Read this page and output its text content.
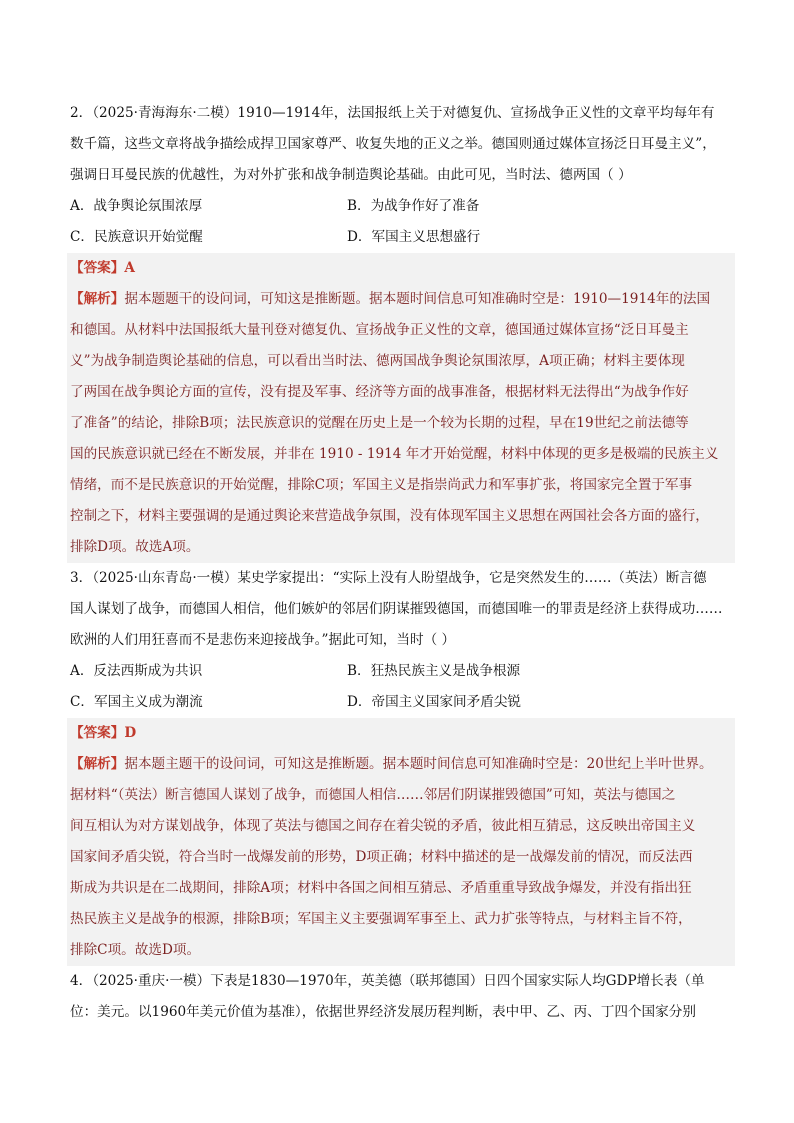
2．（2025·青海海东·二模）1910—1914年，法国报纸上关于对德复仇、宣扬战争正义性的文章平均每年有
数千篇，这些文章将战争描绘成捍卫国家尊严、收复失地的正义之举。德国则通过媒体宣扬泛日耳曼主义”，
强调日耳曼民族的优越性，为对外扩张和战争制造舆论基础。由此可见，当时法、德两国（ ）
A．战争舆论氛围浓厚	B．为战争作好了准备
C．民族意识开始觉醒	D．军国主义思想盛行
【答案】A
【解析】据本题题干的设问词，可知这是推断题。据本题时间信息可知准确时空是：1910—1914年的法国
和德国。从材料中法国报纸大量刊登对德复仇、宣扬战争正义性的文章，德国通过媒体宣扬“泛日耳曼主
义”为战争制造舆论基础的信息，可以看出当时法、德两国战争舆论氛围浓厚，A项正确；材料主要体现
了两国在战争舆论方面的宣传，没有提及军事、经济等方面的战事准备，根据材料无法得出“为战争作好
了准备”的结论，排除B项；法民族意识的觉醒在历史上是一个较为长期的过程，早在19世纪之前法德等
国的民族意识就已经在不断发展，并非在 1910 - 1914 年才开始觉醒，材料中体现的更多是极端的民族主义
情绪，而不是民族意识的开始觉醒，排除C项；军国主义是指崇尚武力和军事扩张，将国家完全置于军事
控制之下，材料主要强调的是通过舆论来营造战争氛围，没有体现军国主义思想在两国社会各方面的盛行，
排除D项。故选A项。
3．（2025·山东青岛·一模）某史学家提出：“实际上没有人盼望战争，它是突然发生的……（英法）断言德
国人谋划了战争，而德国人相信，他们嫉妒的邻居们阴谋摧毁德国，而德国唯一的罪责是经济上获得成功……
欧洲的人们用狂喜而不是悲伤来迎接战争。”据此可知，当时（ ）
A．反法西斯成为共识	B．狂热民族主义是战争根源
C．军国主义成为潮流	D．帝国主义国家间矛盾尖锐
【答案】D
【解析】据本题主题干的设问词，可知这是推断题。据本题时间信息可知准确时空是：20世纪上半叶世界。
据材料“（英法）断言德国人谋划了战争，而德国人相信……邻居们阴谋摧毁德国”可知，英法与德国之
间互相认为对方谋划战争，体现了英法与德国之间存在着尖锐的矛盾，彼此相互猜忌，这反映出帝国主义
国家间矛盾尖锐，符合当时一战爆发前的形势，D项正确；材料中描述的是一战爆发前的情况，而反法西
斯成为共识是在二战期间，排除A项；材料中各国之间相互猜忌、矛盾重重导致战争爆发，并没有指出狂
热民族主义是战争的根源，排除B项；军国主义主要强调军事至上、武力扩张等特点，与材料主旨不符，
排除C项。故选D项。
4．（2025·重庆·一模）下表是1830—1970年，英美德（联邦德国）日四个国家实际人均GDP增长表（单
位：美元。以1960年美元价值为基准），依据世界经济发展历程判断，表中甲、乙、丙、丁四个国家分别
